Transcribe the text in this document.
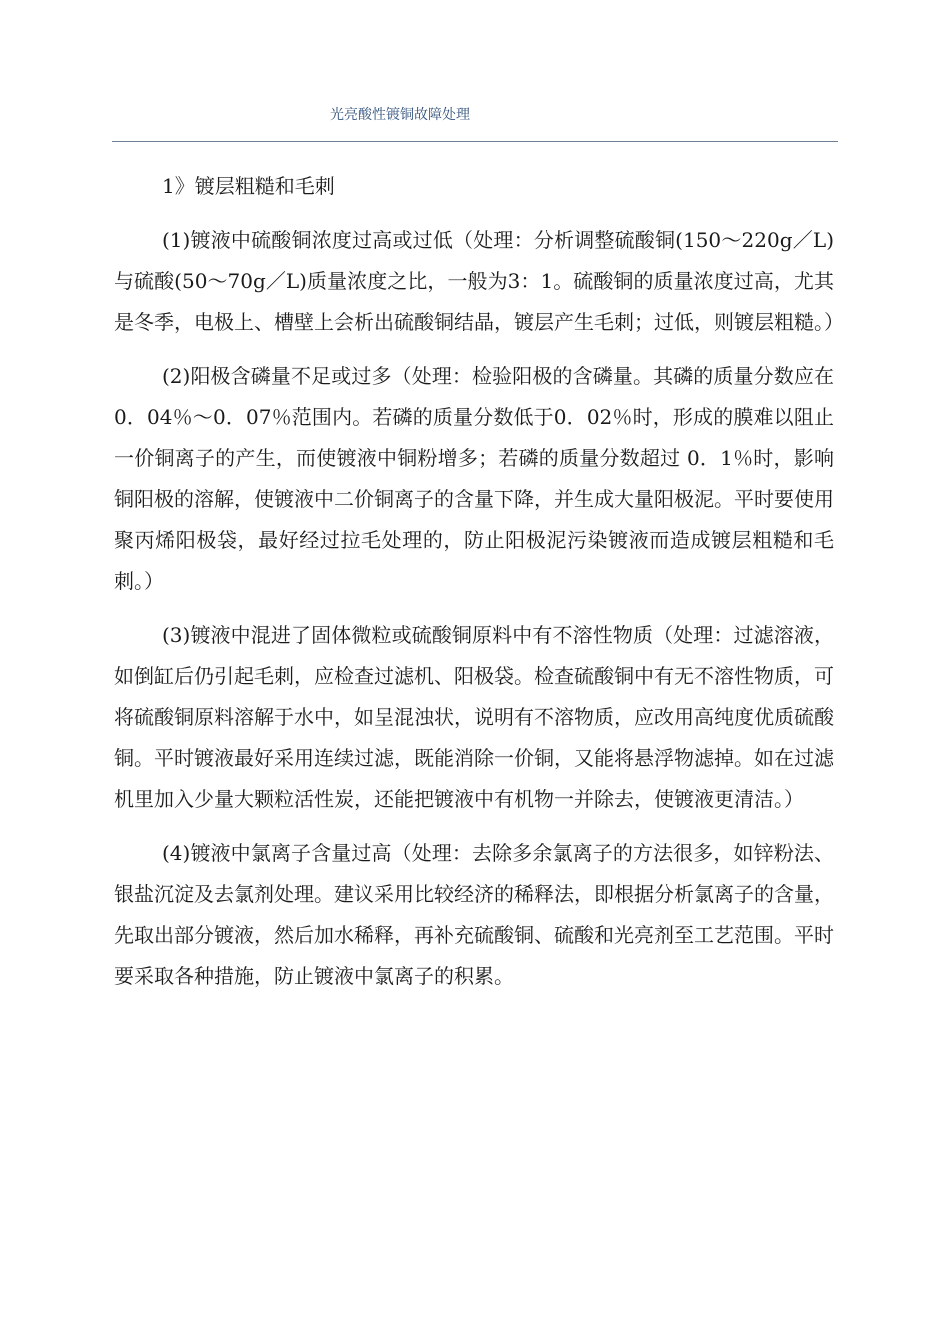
光亮酸性镀铜故障处理

1》镀层粗糙和毛刺

(1)镀液中硫酸铜浓度过高或过低（处理：分析调整硫酸铜(150～220g／L)与硫酸(50～70g／L)质量浓度之比，一般为3：1。硫酸铜的质量浓度过高，尤其是冬季，电极上、槽壁上会析出硫酸铜结晶，镀层产生毛刺；过低，则镀层粗糙。）

(2)阳极含磷量不足或过多（处理：检验阳极的含磷量。其磷的质量分数应在0．04％～0．07％范围内。若磷的质量分数低于0．02％时，形成的膜难以阻止一价铜离子的产生，而使镀液中铜粉增多；若磷的质量分数超过 0．1％时，影响铜阳极的溶解，使镀液中二价铜离子的含量下降，并生成大量阳极泥。平时要使用聚丙烯阳极袋，最好经过拉毛处理的，防止阳极泥污染镀液而造成镀层粗糙和毛刺。）

(3)镀液中混进了固体微粒或硫酸铜原料中有不溶性物质（处理：过滤溶液，如倒缸后仍引起毛刺，应检查过滤机、阳极袋。检查硫酸铜中有无不溶性物质，可将硫酸铜原料溶解于水中，如呈混浊状，说明有不溶物质，应改用高纯度优质硫酸铜。平时镀液最好采用连续过滤，既能消除一价铜，又能将悬浮物滤掉。如在过滤机里加入少量大颗粒活性炭，还能把镀液中有机物一并除去，使镀液更清洁。）

(4)镀液中氯离子含量过高（处理：去除多余氯离子的方法很多，如锌粉法、银盐沉淀及去氯剂处理。建议采用比较经济的稀释法，即根据分析氯离子的含量，先取出部分镀液，然后加水稀释，再补充硫酸铜、硫酸和光亮剂至工艺范围。平时要采取各种措施，防止镀液中氯离子的积累。
